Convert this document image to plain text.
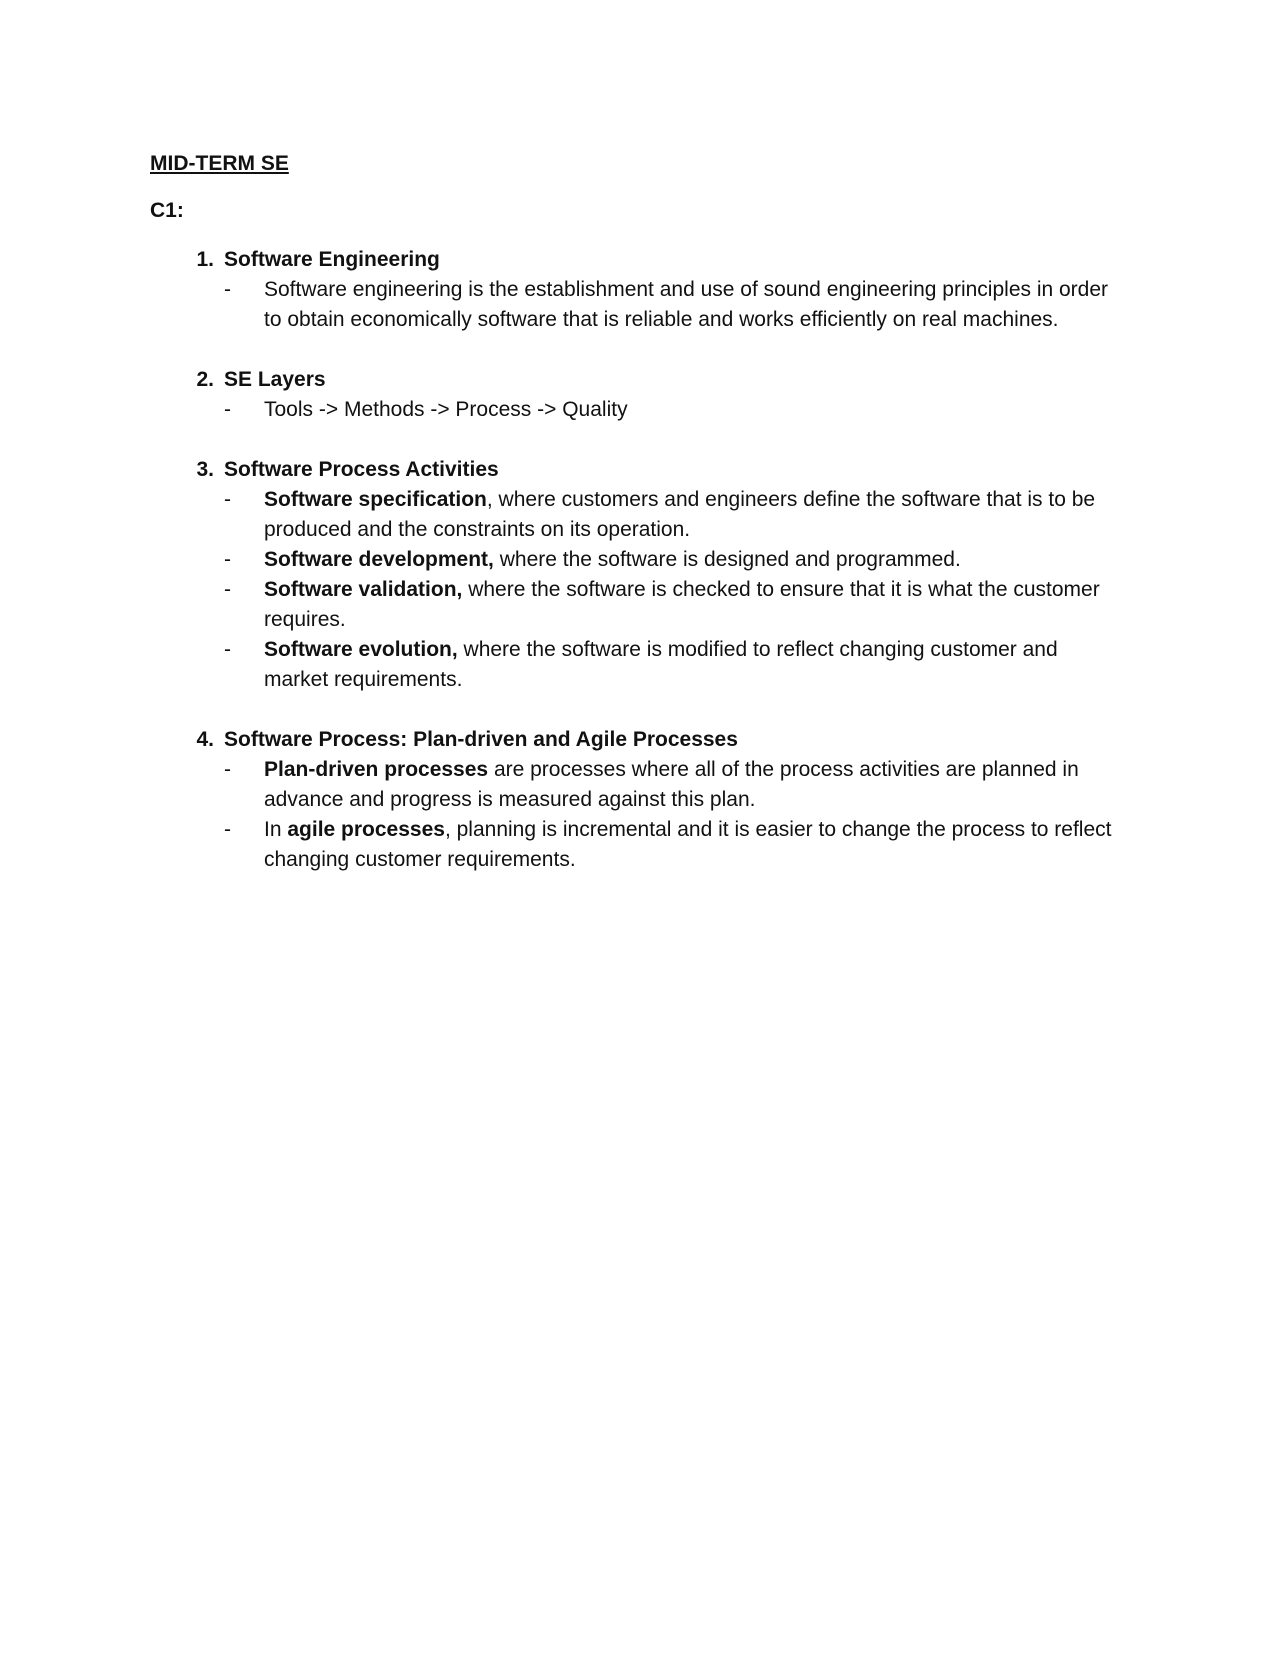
MID-TERM SE
C1:
1. Software Engineering
-	Software engineering is the establishment and use of sound engineering principles in order to obtain economically software that is reliable and works efficiently on real machines.
2. SE Layers
-	Tools -> Methods -> Process -> Quality
3. Software Process Activities
-	Software specification, where customers and engineers define the software that is to be produced and the constraints on its operation.
-	Software development, where the software is designed and programmed.
-	Software validation, where the software is checked to ensure that it is what the customer requires.
-	Software evolution, where the software is modified to reflect changing customer and market requirements.
4. Software Process: Plan-driven and Agile Processes
-	Plan-driven processes are processes where all of the process activities are planned in advance and progress is measured against this plan.
-	In agile processes, planning is incremental and it is easier to change the process to reflect changing customer requirements.
